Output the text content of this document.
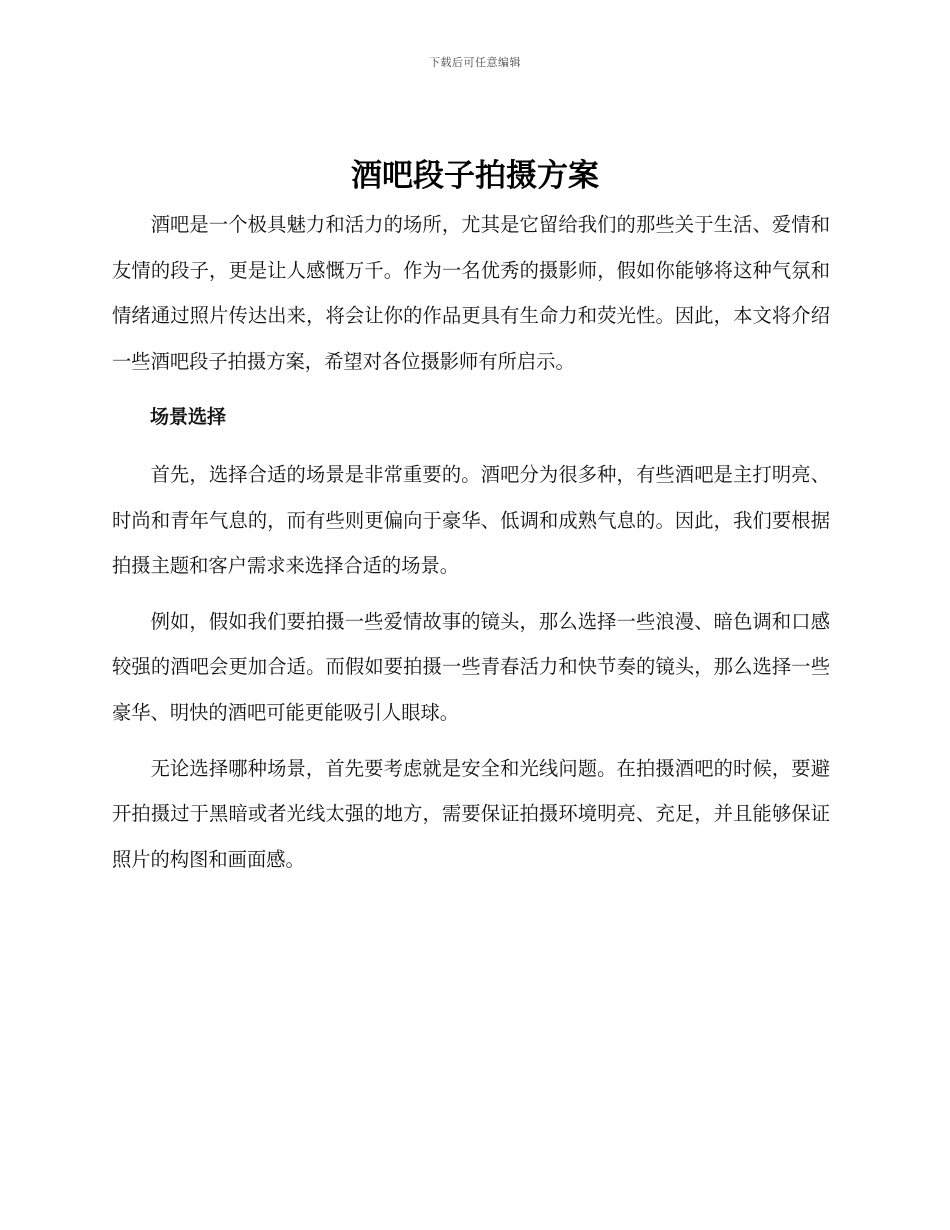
下载后可任意编辑
酒吧段子拍摄方案

酒吧是一个极具魅力和活力的场所，尤其是它留给我们的那些关于生活、爱情和友情的段子，更是让人感慨万千。作为一名优秀的摄影师，假如你能够将这种气氛和情绪通过照片传达出来，将会让你的作品更具有生命力和荧光性。因此，本文将介绍一些酒吧段子拍摄方案，希望对各位摄影师有所启示。

场景选择

首先，选择合适的场景是非常重要的。酒吧分为很多种，有些酒吧是主打明亮、时尚和青年气息的，而有些则更偏向于豪华、低调和成熟气息的。因此，我们要根据拍摄主题和客户需求来选择合适的场景。

例如，假如我们要拍摄一些爱情故事的镜头，那么选择一些浪漫、暗色调和口感较强的酒吧会更加合适。而假如要拍摄一些青春活力和快节奏的镜头，那么选择一些豪华、明快的酒吧可能更能吸引人眼球。

无论选择哪种场景，首先要考虑就是安全和光线问题。在拍摄酒吧的时候，要避开拍摄过于黑暗或者光线太强的地方，需要保证拍摄环境明亮、充足，并且能够保证照片的构图和画面感。
